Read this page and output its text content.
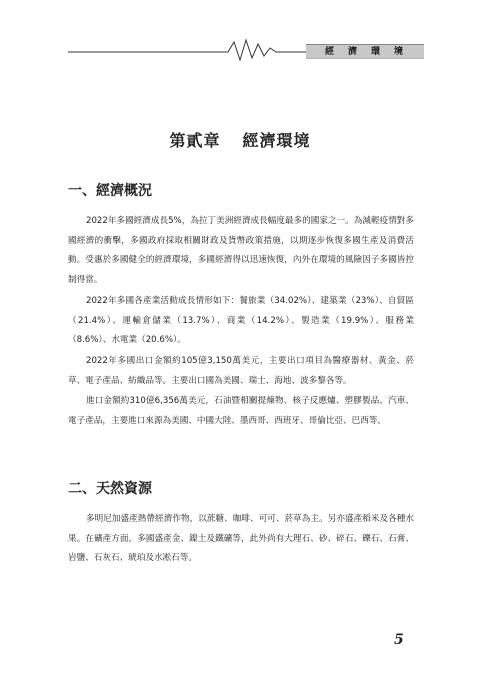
經濟環境
第貳章 經濟環境
一、經濟概況
2022年多國經濟成長5%，為拉丁美洲經濟成長幅度最多的國家之一。為減輕疫情對多國經濟的衝擊，多國政府採取相關財政及貨幣政策措施，以期逐步恢復多國生產及消費活動。受惠於多國健全的經濟環境，多國經濟得以迅速恢復，內外在環境的風險因子多國皆控制得當。
2022年多國各產業活動成長情形如下：餐旅業（34.02%）、建築業（23%）、自貿區（21.4%）、運輸倉儲業（13.7%）、商業（14.2%）、製造業（19.9%）、服務業（8.6%）、水電業（20.6%）。
2022年多國出口金額約105億3,150萬美元，主要出口項目為醫療器材、黃金、菸草、電子產品、紡織品等。主要出口國為美國、瑞士、海地、波多黎各等。
進口金額約310億6,356萬美元，石油暨相關提煉物、核子反應爐、塑膠製品、汽車、電子產品，主要進口來源為美國、中國大陸、墨西哥、西班牙、哥倫比亞、巴西等。
二、天然資源
多明尼加盛產熱帶經濟作物，以蔗糖、咖啡、可可、菸草為主。另亦盛產稻米及各種水果。在礦產方面，多國盛產金、鎳土及鐵礦等，此外尚有大理石、砂、碎石、礫石、石膏、岩鹽、石灰石、琥珀及水凇石等。
5
